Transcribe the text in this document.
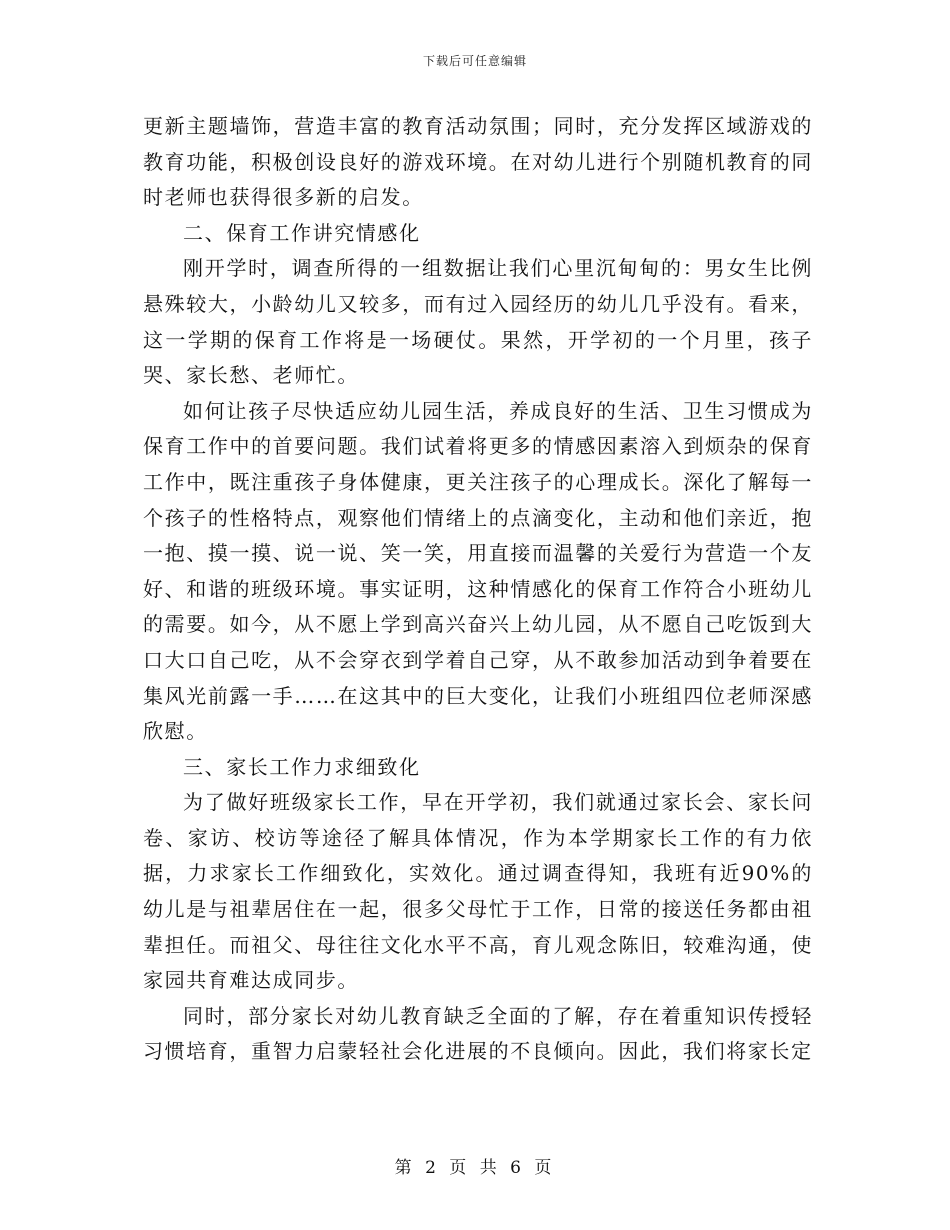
下载后可任意编辑

更新主题墙饰，营造丰富的教育活动氛围；同时，充分发挥区域游戏的教育功能，积极创设良好的游戏环境。在对幼儿进行个别随机教育的同时老师也获得很多新的启发。

二、保育工作讲究情感化

刚开学时，调查所得的一组数据让我们心里沉甸甸的：男女生比例悬殊较大，小龄幼儿又较多，而有过入园经历的幼儿几乎没有。看来，这一学期的保育工作将是一场硬仗。果然，开学初的一个月里，孩子哭、家长愁、老师忙。

如何让孩子尽快适应幼儿园生活，养成良好的生活、卫生习惯成为保育工作中的首要问题。我们试着将更多的情感因素溶入到烦杂的保育工作中，既注重孩子身体健康，更关注孩子的心理成长。深化了解每一个孩子的性格特点，观察他们情绪上的点滴变化，主动和他们亲近，抱一抱、摸一摸、说一说、笑一笑，用直接而温馨的关爱行为营造一个友好、和谐的班级环境。事实证明，这种情感化的保育工作符合小班幼儿的需要。如今，从不愿上学到高兴奋兴上幼儿园，从不愿自己吃饭到大口大口自己吃，从不会穿衣到学着自己穿，从不敢参加活动到争着要在集风光前露一手……在这其中的巨大变化，让我们小班组四位老师深感欣慰。

三、家长工作力求细致化

为了做好班级家长工作，早在开学初，我们就通过家长会、家长问卷、家访、校访等途径了解具体情况，作为本学期家长工作的有力依据，力求家长工作细致化，实效化。通过调查得知，我班有近90%的幼儿是与祖辈居住在一起，很多父母忙于工作，日常的接送任务都由祖辈担任。而祖父、母往往文化水平不高，育儿观念陈旧，较难沟通，使家园共育难达成同步。

同时，部分家长对幼儿教育缺乏全面的了解，存在着重知识传授轻习惯培育，重智力启蒙轻社会化进展的不良倾向。因此，我们将家长定

第 2 页 共 6 页
